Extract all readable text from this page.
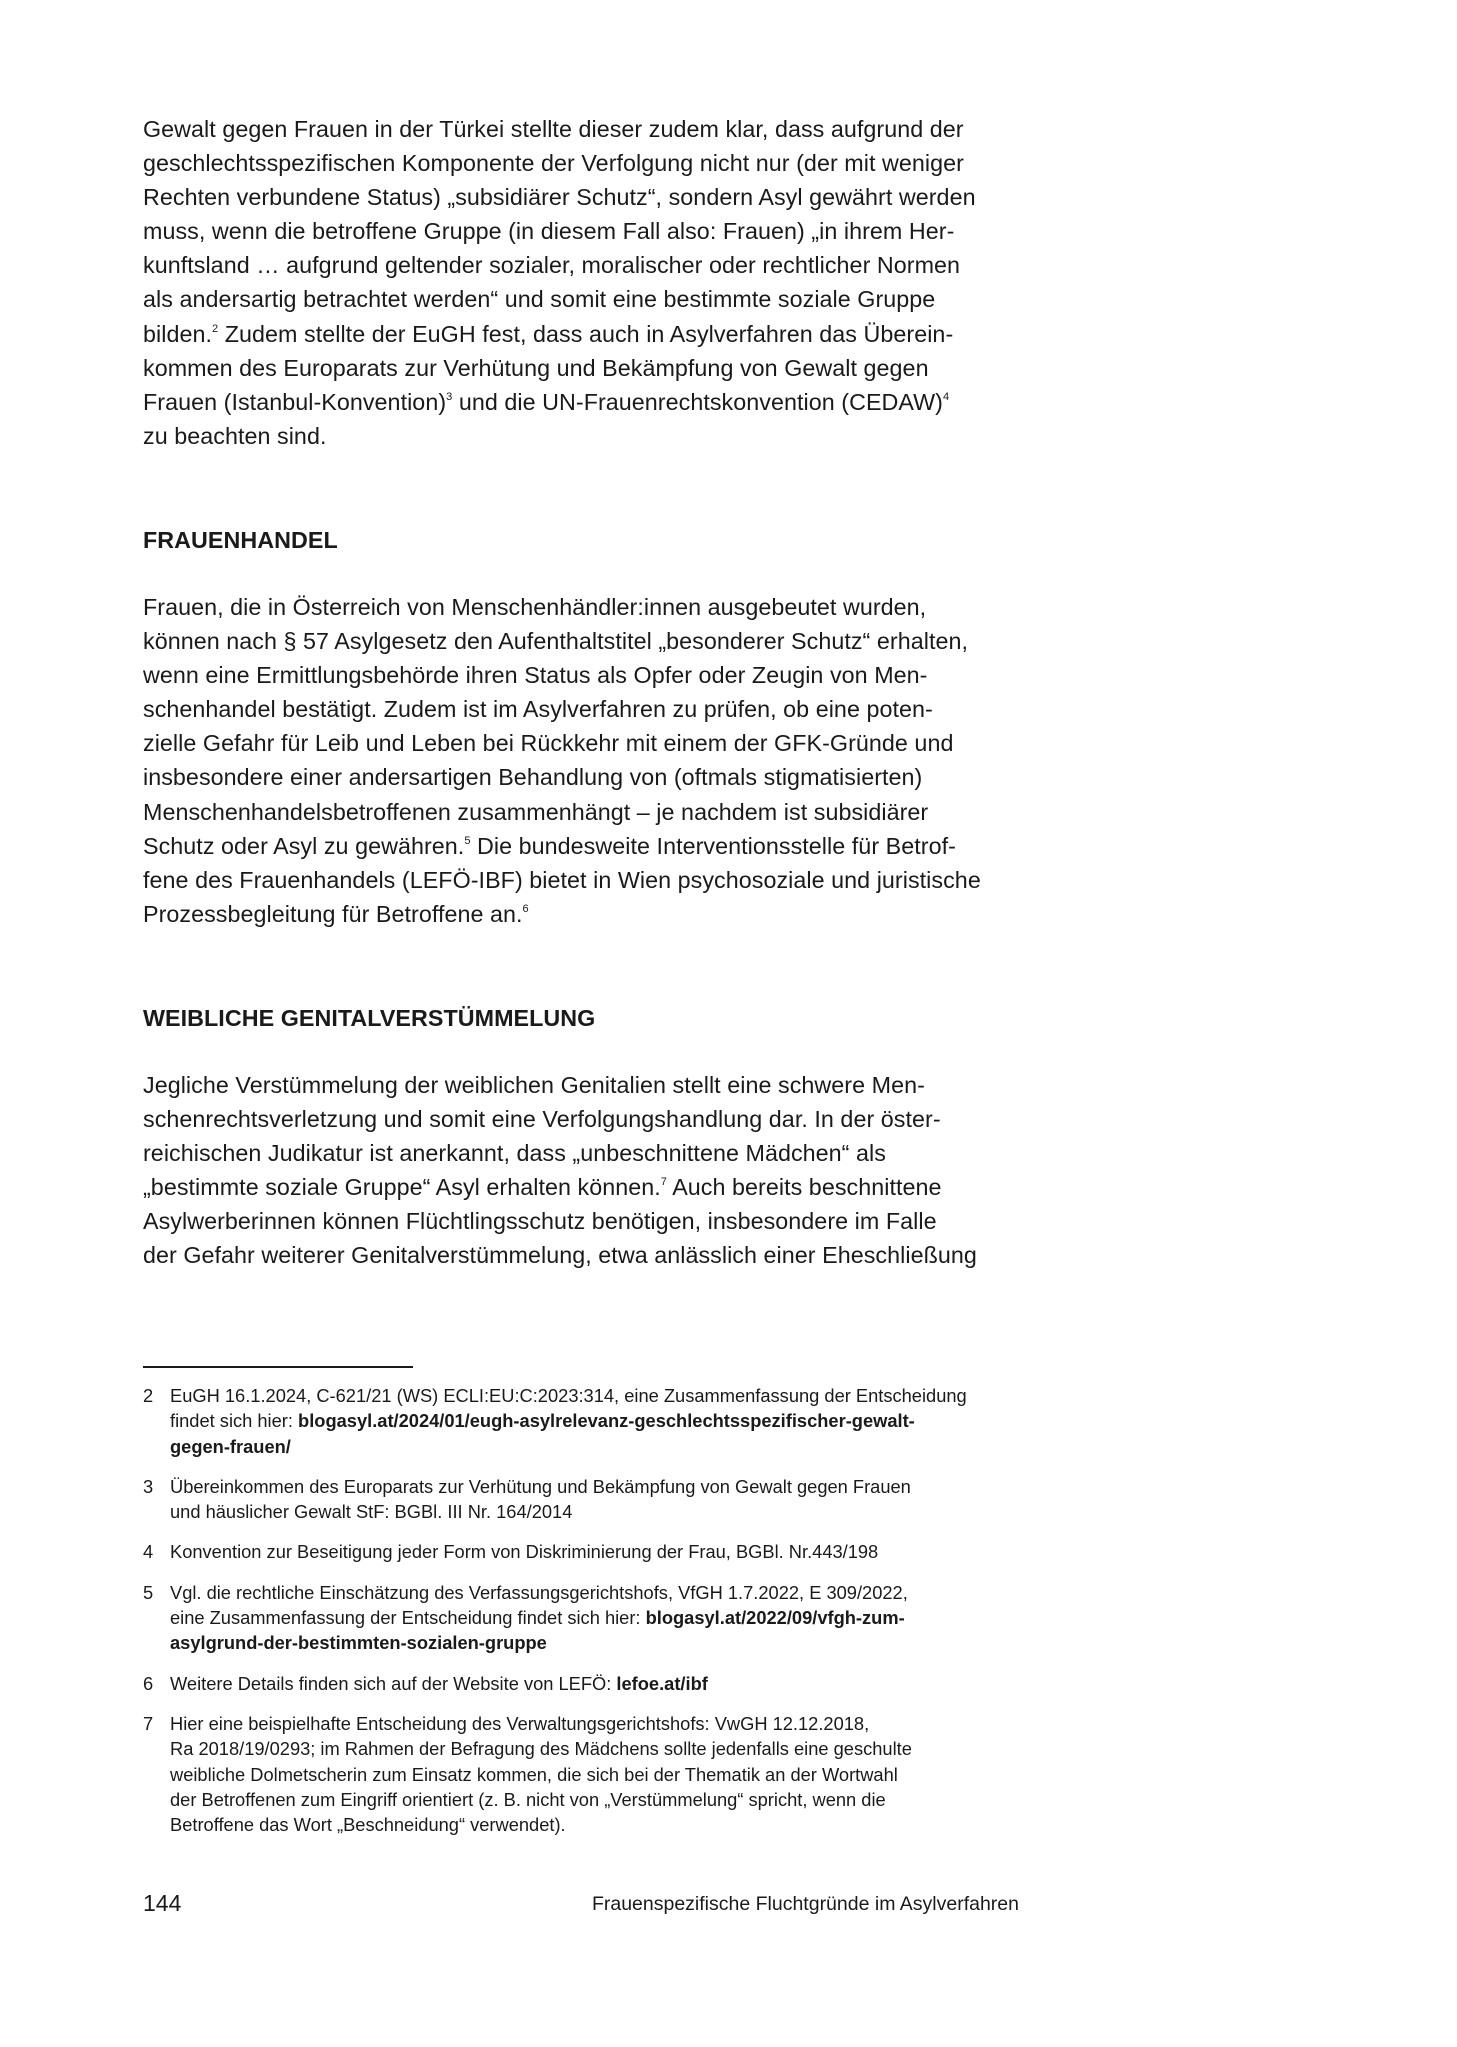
Gewalt gegen Frauen in der Türkei stellte dieser zudem klar, dass aufgrund der
geschlechtsspezifischen Komponente der Verfolgung nicht nur (der mit weniger
Rechten verbundene Status) „subsidiärer Schutz“, sondern Asyl gewährt werden
muss, wenn die betroffene Gruppe (in diesem Fall also: Frauen) „in ihrem Her-
kunftsland … aufgrund geltender sozialer, moralischer oder rechtlicher Normen
als andersartig betrachtet werden“ und somit eine bestimmte soziale Gruppe
bilden.$^2$ Zudem stellte der EuGH fest, dass auch in Asylverfahren das Überein-
kommen des Europarats zur Verhütung und Bekämpfung von Gewalt gegen
Frauen (Istanbul-Konvention)$^3$ und die UN-Frauenrechtskonvention (CEDAW)$^4$
zu beachten sind.
FRAUENHANDEL
Frauen, die in Österreich von Menschenhändler:innen ausgebeutet wurden,
können nach § 57 Asylgesetz den Aufenthaltstitel „besonderer Schutz“ erhalten,
wenn eine Ermittlungsbehörde ihren Status als Opfer oder Zeugin von Men-
schenhandel bestätigt. Zudem ist im Asylverfahren zu prüfen, ob eine poten-
zielle Gefahr für Leib und Leben bei Rückkehr mit einem der GFK-Gründe und
insbesondere einer andersartigen Behandlung von (oftmals stigmatisierten)
Menschenhandelsbetroffenen zusammenhängt – je nachdem ist subsidiärer
Schutz oder Asyl zu gewähren.$^5$ Die bundesweite Interventionsstelle für Betrof-
fene des Frauenhandels (LEFÖ-IBF) bietet in Wien psychosoziale und juristische
Prozessbegleitung für Betroffene an.$^6$
WEIBLICHE GENITALVERSTÜMMELUNG
Jegliche Verstümmelung der weiblichen Genitalien stellt eine schwere Men-
schenrechtsverletzung und somit eine Verfolgungshandlung dar. In der öster-
reichischen Judikatur ist anerkannt, dass „unbeschnittene Mädchen“ als
„bestimmte soziale Gruppe“ Asyl erhalten können.$^7$ Auch bereits beschnittene
Asylwerberinnen können Flüchtlingsschutz benötigen, insbesondere im Falle
der Gefahr weiterer Genitalverstümmelung, etwa anlässlich einer Eheschließung
2 EuGH 16.1.2024, C-621/21 (WS) ECLI:EU:C:2023:314, eine Zusammenfassung der Entscheidung
findet sich hier: blogasyl.at/2024/01/eugh-asylrelevanz-geschlechtsspezifischer-gewalt-
gegen-frauen/
3 Übereinkommen des Europarats zur Verhütung und Bekämpfung von Gewalt gegen Frauen
und häuslicher Gewalt StF: BGBl. III Nr. 164/2014
4 Konvention zur Beseitigung jeder Form von Diskriminierung der Frau, BGBl. Nr.443/198
5 Vgl. die rechtliche Einschätzung des Verfassungsgerichtshofs, VfGH 1.7.2022, E 309/2022,
eine Zusammenfassung der Entscheidung findet sich hier: blogasyl.at/2022/09/vfgh-zum-
asylgrund-der-bestimmten-sozialen-gruppe
6 Weitere Details finden sich auf der Website von LEFÖ: lefoe.at/ibf
7 Hier eine beispielhafte Entscheidung des Verwaltungsgerichtshofs: VwGH 12.12.2018,
Ra 2018/19/0293; im Rahmen der Befragung des Mädchens sollte jedenfalls eine geschulte
weibliche Dolmetscherin zum Einsatz kommen, die sich bei der Thematik an der Wortwahl
der Betroffenen zum Eingriff orientiert (z. B. nicht von „Verstümmelung“ spricht, wenn die
Betroffene das Wort „Beschneidung“ verwendet).
144	Frauenspezifische Fluchtgründe im Asylverfahren
